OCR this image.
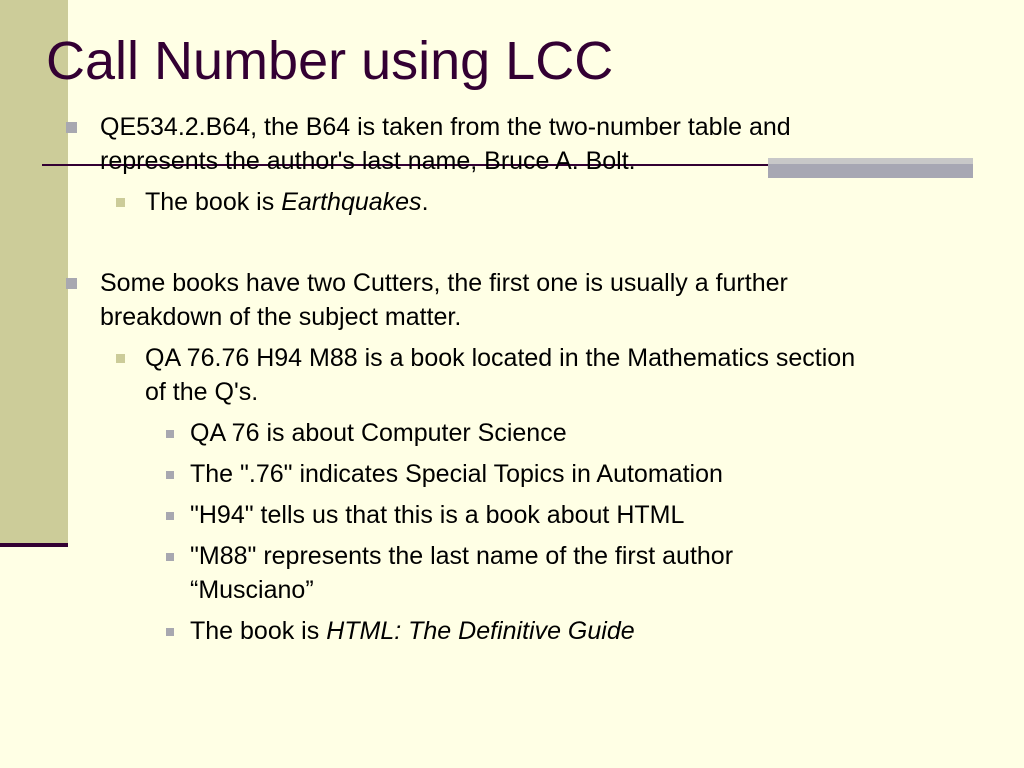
Call Number using LCC
QE534.2.B64, the B64 is taken from the two-number table and represents the author's last name, Bruce A. Bolt.
The book is Earthquakes.
Some books have two Cutters, the first one is usually a further breakdown of the subject matter.
QA 76.76 H94 M88 is a book located in the Mathematics section of the Q's.
QA 76 is about Computer Science
The ".76" indicates Special Topics in Automation
"H94" tells us that this is a book about HTML
"M88" represents the last name of the first author “Musciano”
The book is HTML: The Definitive Guide
